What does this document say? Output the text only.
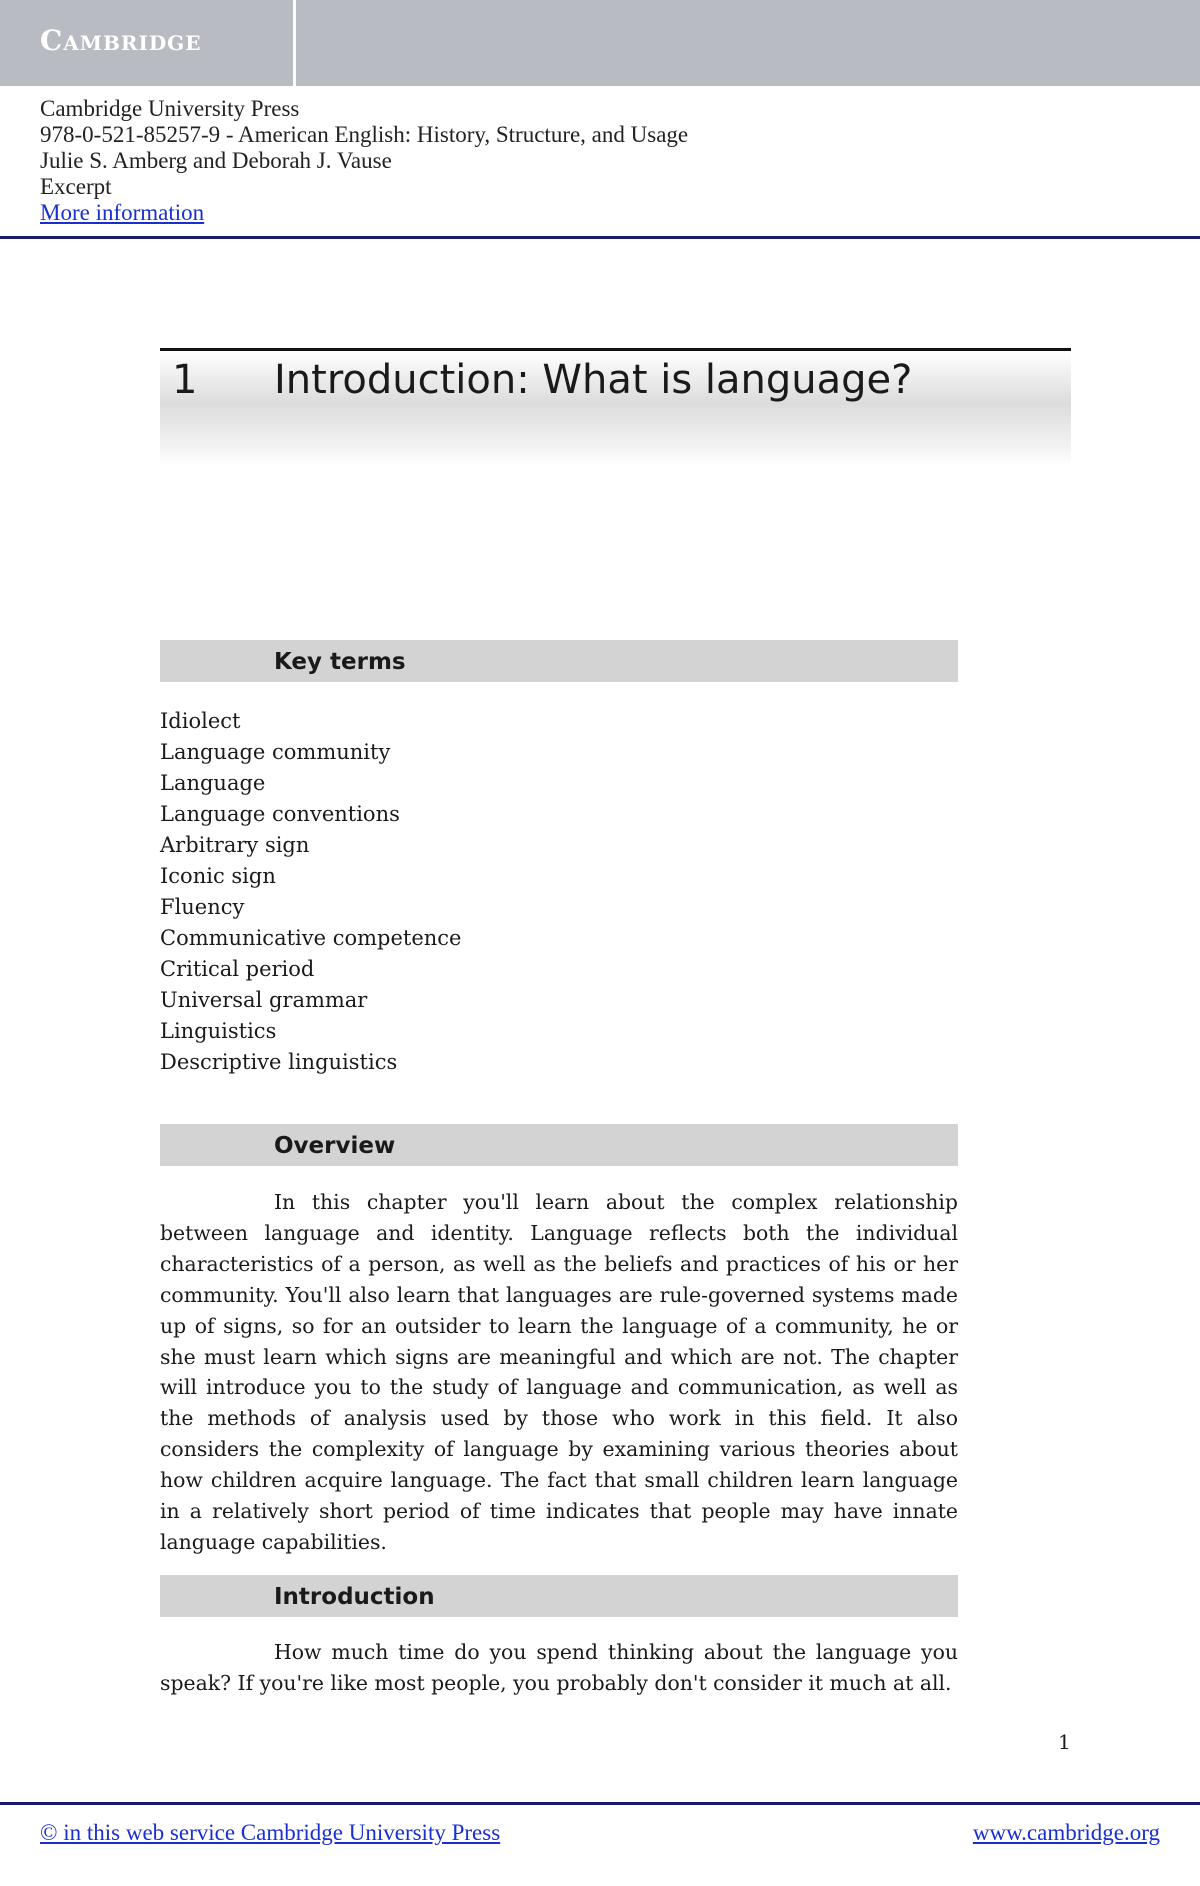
Cambridge
Cambridge University Press
978-0-521-85257-9 - American English: History, Structure, and Usage
Julie S. Amberg and Deborah J. Vause
Excerpt
More information
1 Introduction: What is language?
Key terms
Idiolect
Language community
Language
Language conventions
Arbitrary sign
Iconic sign
Fluency
Communicative competence
Critical period
Universal grammar
Linguistics
Descriptive linguistics
Overview

In this chapter you'll learn about the complex relationship between language and identity. Language reflects both the individual characteristics of a person, as well as the beliefs and practices of his or her community. You'll also learn that languages are rule-governed systems made up of signs, so for an outsider to learn the language of a community, he or she must learn which signs are meaningful and which are not. The chapter will introduce you to the study of language and communication, as well as the methods of analysis used by those who work in this field. It also considers the complexity of language by examining various theories about how children acquire language. The fact that small children learn language in a relatively short period of time indicates that people may have innate language capabilities.

Introduction

How much time do you spend thinking about the language you speak? If you're like most people, you probably don't consider it much at all.

1
© in this web service Cambridge University Press	www.cambridge.org
